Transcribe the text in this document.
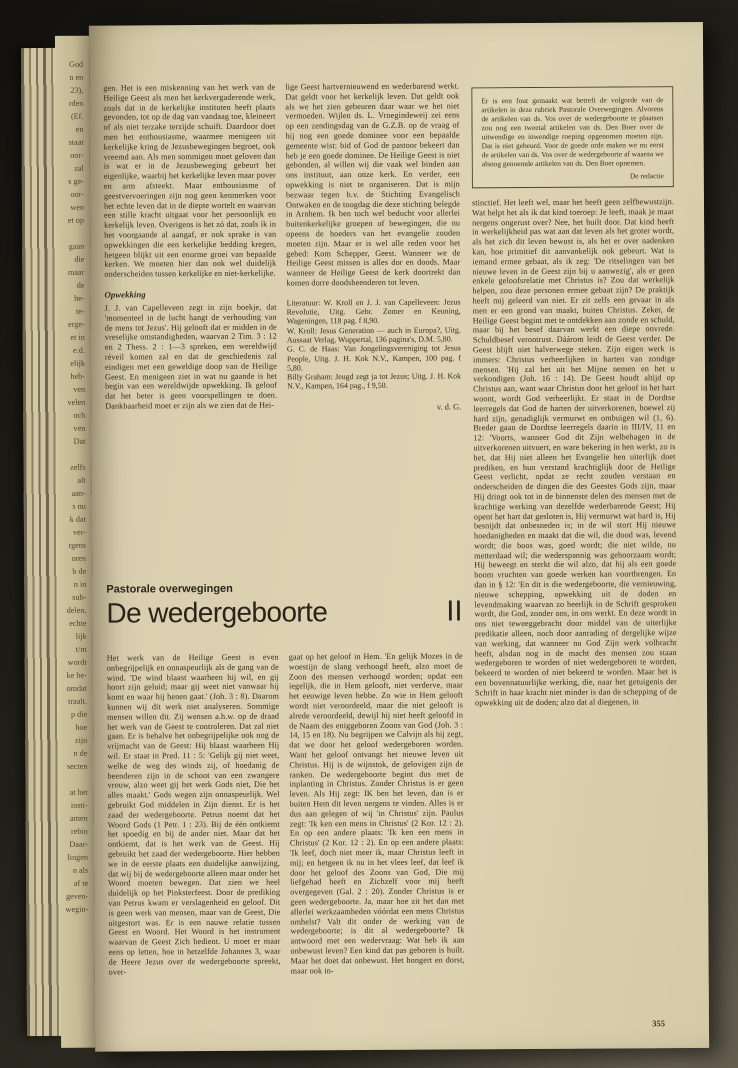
God
n en
23),
rden
(Ef.
en
staat
oor-
zal
s ge-
oor-
wen
et op
gaan
die
maar
de
he-
te-
erge-
et in
e.d.
elijk
heb-
ven
velen
och
ven
Dat
zelfs
alt
aan-
s nu
k dat
ver-
rgens
oren
b de
n in
sub-
delen.
echte
lijk
t/m
wordt
ke be-
omdat
traalt.
p die
hoe
zijn
n de
secten
at het
insti-
amen
rebin
Daar-
lingen
n als
af te
geven-
wegin-

gen. Het is een miskenning van het werk van de Heilige Geest als men het kerkvergaderende werk, zoals dat in de kerkelijke instituten heeft plaats gevonden, tot op de dag van vandaag toe, kleineert of als niet terzake terzijde schuift. Daardoor doet men het enthousiasme, waarmee menigeen uit kerkelijke kring de Jezusbewegingen begroet, ook vreemd aan. Als men sommigen moet geloven dan is wat er in de Jezusbeweging gebeurt het eigenlijke, waarbij het kerkelijke leven maar pover en arm afsteekt. Maar enthousiasme of geestvervoeringen zijn nog geen kenmerken voor het echte leven dat in de diepte wortelt en waarvan een stille kracht uitgaat voor het persoonlijk en kerkelijk leven. Overigens is het zó dat, zoals ik in het voorgaande al aangaf, er ook sprake is van opwekkingen die een kerkelijke bedding kregen, hetgeen blijkt uit een enorme groei van bepaalde kerken. We moeten hier dan ook wel duidelijk onderscheiden tussen kerkelijke en niet-kerkelijke.

Opwekking

J. J. van Capelleveen zegt in zijn boekje, dat 'momenteel in de lucht hangt de verhouding van de mens tot Jezus'. Hij gelooft dat er midden in de vreselijke omstandigheden, waarvan 2 Tim. 3 : 12 en 2 Thess. 2 : 1—3 spreken, een wereldwijd réveil komen zal en dat de geschiedenis zal eindigen met een geweldige doop van de Heilige Geest. En menigeen ziet in wat nu gaande is het begin van een wereldwijde opwekking. Ik geloof dat het beter is geen voorspellingen te doen. Dankbaarheid moet er zijn als we zien dat de Hei-

lige Geest hartvernieuwend en wederbarend werkt. Dat geldt voor het kerkelijk leven. Dat geldt ook als we het zien gebeuren daar waar we het niet vermoeden. Wijlen ds. L. Vroegindeweij zei eens op een zendingsdag van de G.Z.B. op de vraag of hij nog een goede dominee voor een bepaalde gemeente wist: bid of God de pastoor bekeert dan heb je een goede dominee. De Heilige Geest is niet gebonden, al willen wij die vaak wel binden aan ons instituut, aan onze kerk. En verder, een opwekking is niet te organiseren. Dat is mijn bezwaar tegen b.v. de Stichting Evangelisch Ontwaken en de toogdag die deze stichting belegde in Arnhem. Ik ben toch wel beducht voor allerlei buitenkerkelijke groepen of bewegingen, die nu opeens de hoeders van het evangelie zouden moeten zijn. Maar er is wel alle reden voor het gebed: Kom Schepper, Geest. Wanneer we de Heilige Geest missen is alles dor en doods. Maar wanneer de Heilige Geest de kerk doortrekt dan komen dorre doodsbeenderen tot leven.

Literatuur: W. Kroll en J. J. van Capelleveen: Jezus Revolutie, Uitg. Gebr. Zomer en Keuning, Wageningen, 118 pag. f 8,90.

W. Kroll: Jesus Generation — auch in Europa?, Uitg. Aussaat Verlag, Wuppertal, 136 pagina's, D.M. 5,80.

G. C. de Haas: Van Jongelingsvereniging tot Jesus People, Uitg. J. H. Kok N.V., Kampen, 100 pag. f 5,80.

Billy Graham: Jeugd zegt ja tot Jezus; Uitg. J. H. Kok N.V., Kampen, 164 pag., f 9,50.

v. d. G.

Er is een fout gemaakt wat betreft de volgorde van de artikelen in deze rubriek Pastorale Overwegingen. Alvorens de artikelen van ds. Vos over de wedergeboorte te plaatsen zou nog een tweetal artikelen van ds. Den Boer over de uitwendige en inwendige roeping opgenomen moeten zijn. Dat is niet gebeurd. Voor de goede orde maken we nu eerst de artikelen van ds. Vos over de wedergeboorte af waarna we alsnog genoemde artikelen van ds. Den Boer opnemen.

De redactie

stinctief. Het leeft wel, maar het heeft geen zelfbewustzijn. Wat helpt het als ik dat kind toeroep: Je leeft, maak je maar nergens ongerust over? Nee, het huilt door. Dat kind heeft in werkelijkheid pas wat aan dat leven als het groter wordt, als het zich dit leven bewust is, als het er over nadenken kan, hoe primitief dit aanvankelijk ook gebeurt. Wat is iemand ermee gebaat, als ik zeg: 'De ritselingen van het nieuwe leven in de Geest zijn bij u aanwezig', als er geen enkele geloofsrelatie met Christus is? Zou dat werkelijk helpen, zou deze personen ermee gebaat zijn? De praktijk heeft mij geleerd van niet. Er zit zelfs een gevaar in als men er een grond van maakt, buiten Christus. Zeker, de Heilige Geest begint met te ontdekken aan zonde en schuld, maar bij het besef daarvan werkt een diepe onvrede. Schuldbesef verontrust. Dáárom leidt de Geest verder. De Geest blijft niet halverwege steken. Zijn eigen werk is immers: Christus verheerlijken in harten van zondige mensen. 'Hij zal het uit het Mijne nemen en het u verkondigen (Joh. 16 : 14). De Geest houdt altijd op Christus aan, want waar Christus door het geloof in het hart woont, wordt God verheerlijkt. Er staat in de Dordtse leerregels dat God de harten der uitverkorenen, hoewel zij hard zijn, genadiglijk vermurwt en ombuigen wil (1, 6). Breder gaan de Dordtse leerregels daarin in III/IV, 11 en 12: 'Voorts, wanneer God dit Zijn welbehagen in de uitverkorenen uitvoert, en ware bekering in hen werkt, zo is het, dat Hij niet alleen het Evangelie hen uiterlijk doet prediken, en hun verstand krachtiglijk door de Heilige Geest verlicht, opdat ze recht zouden verstaan en onderscheiden de dingen die des Geestes Gods zijn, maar Hij dringt ook tot in de binnenste delen des mensen met de krachtige werking van dezelfde wederbarende Geest; Hij opent het hart dat gesloten is, Hij vermurwt wat hard is, Hij besnijdt dat onbesneden is; in de wil stort Hij nieuwe hoedanigheden en maakt dat die wil, die dood was, levend wordt; die boos was, goed wordt; die niet wilde, nu metterdaad wil; die wederspannig was gehoorzaam wordt; Hij beweegt en sterkt die wil alzo, dat hij als een goede boom vruchten van goede werken kan voortbrengen. En dan in § 12: 'En dit is die wedergeboorte, die vernieuwing, nieuwe schepping, opwekking uit de doden en levendmaking waarvan zo heerlijk in de Schrift gesproken wordt, die God, zonder ons, in ons werkt. En deze wordt in ons niet teweeggebracht door middel van de uiterlijke predikatie alleen, noch door aanrading of dergelijke wijze van werking, dat wanneer nu God Zijn werk volbracht heeft, alsdan nog in de macht des mensen zou staan wedergeboren te worden of niet wedergeboren te worden, bekeerd te worden of niet bekeerd te worden. Maar het is een bovennatuurlijke werking, die, naar het getuigenis der Schrift in haar kracht niet minder is dan de schepping of de opwekking uit de doden; alzo dat al diegenen, in

Pastorale overwegingen
De wedergeboorte	II

Het werk van de Heilige Geest is even onbegrijpelijk en onnaspeurlijk als de gang van de wind. 'De wind blaast waarheen hij wil, en gij hoort zijn geluid; maar gij weet niet vanwaar hij komt en waar hij henen gaat.' (Joh. 3 : 8). Daarom kunnen wij dit werk niet analyseren. Sommige mensen willen dit. Zij wensen a.h.w. op de draad het werk van de Geest te controleren. Dat zal niet gaan. Er is behalve het onbegrijpelijke ook nog de vrijmacht van de Geest: Hij blaast waarheen Hij wil. Er staat in Pred. 11 : 5: 'Gelijk gij niet weet, welke de weg des winds zij, of hoedanig de beenderen zijn in de schoot van een zwangere vrouw, alzo weet gij het werk Gods niet, Die het alles maakt.' Gods wegen zijn onnaspeurlijk. Wel gebruikt God middelen in Zijn dienst. Er is het zaad der wedergeboorte. Petrus noemt dat het Woord Gods (1 Petr. 1 : 23). Bij de één ontkiemt het spoedig en bij de ander niet. Maar dat het ontkiemt, dat is het werk van de Geest. Hij gebruikt het zaad der wedergeboorte. Hier hebben we in de eerste plaats een duidelijke aanwijzing, dat wij bij de wedergeboorte alleen maar onder het Woord moeten bewegen. Dat zien we heel duidelijk op het Pinksterfeest. Door de prediking van Petrus kwam er verslagenheid en geloof. Dit is geen werk van mensen, maar van de Geest, Die uitgestort was. Er is een nauwe relatie tussen Geest en Woord. Het Woord is het instrument waarvan de Geest Zich bedient. U moet er maar eens op letten, hoe in hetzelfde Johannes 3, waar de Heere Jezus over de wedergeboorte spreekt, over-

gaat op het geloof in Hem. 'En gelijk Mozes in de woestijn de slang verhoogd heeft, alzo moet de Zoon des mensen verhoogd worden; opdat een iegelijk, die in Hem gelooft, niet verderve, maar het eeuwige leven hebbe. Zo wie in Hem gelooft wordt niet veroordeeld, maar die niet gelooft is alrede veroordeeld, dewijl hij niet heeft geloofd in de Naam des eniggeboren Zoons van God (Joh. 3 : 14, 15 en 18). Nu begrijpen we Calvijn als hij zegt, dat we door het geloof wedergeboren worden. Want het geloof ontvangt het nieuwe leven uit Christus. Hij is de wijnstok, de gelovigen zijn de ranken. De wedergeboorte begint dus met de inplanting in Christus. Zonder Christus is er geen leven. Als Hij zegt: IK ben het leven, dan is er buiten Hem dit leven nergens te vinden. Alles is er dus aan gelegen of wij 'in Christus' zijn. Paulus zegt: 'Ik ken een mens in Christus' (2 Kor. 12 : 2). En op een andere plaats: 'Ik ken een mens in Christus' (2 Kor. 12 : 2). En op een andere plaats: 'Ik leef, doch niet meer ik, maar Christus leeft in mij; en hetgeen ik nu in het vlees leef, dat leef ik door het geloof des Zoons van God, Die mij liefgehad heeft en Zichzelf voor mij heeft overgegeven (Gal. 2 : 20). Zonder Christus is er geen wedergeboorte. Ja, maar hoe zit het dan met allerlei werkzaamheden vóórdat een mens Christus omhelst? Valt dit onder de werking van de wedergeboorte; is dit al wedergeboorte? Ik antwoord met een wedervraag: Wat heb ik aan onbewust leven? Een kind dat pas geboren is huilt. Maar het doet dat onbewust. Het hongert en dorst, maar ook in-

355
